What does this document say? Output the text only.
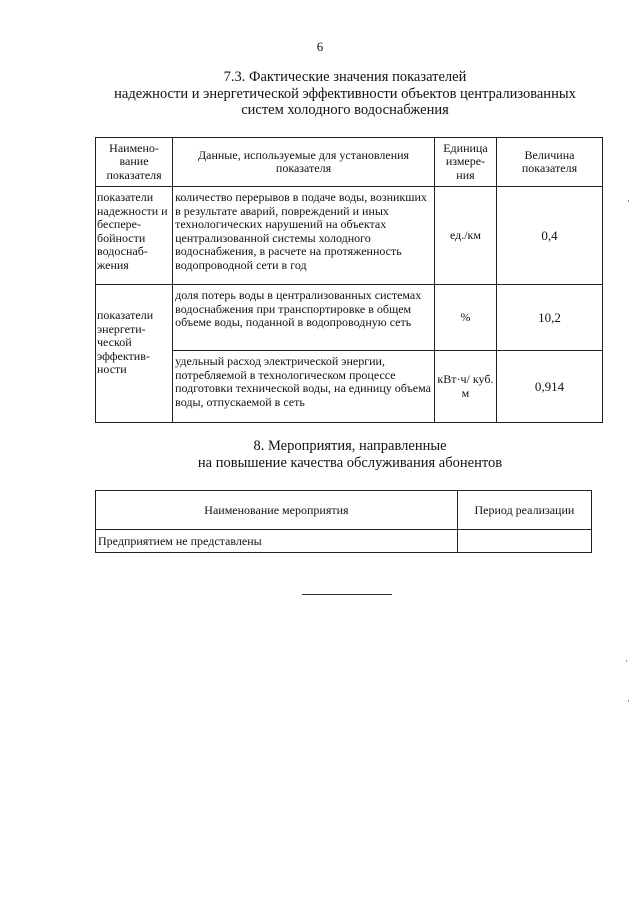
6
7.3. Фактические значения показателей
надежности и энергетической эффективности объектов централизованных
систем холодного водоснабжения
Наимено- вание показателя	Данные, используемые для установления показателя	Единица измере- ния	Величина показателя
показатели надежности и беспере- бойности водоснаб- жения	количество перерывов в подаче воды, возникших в результате аварий, повреждений и иных технологических нарушений на объектах централизованной системы холодного водоснабжения, в расчете на протяженность водопроводной сети в год	ед./км	0,4
показатели энергети- ческой эффектив- ности	доля потерь воды в централизованных системах водоснабжения при транспортировке в общем объеме воды, поданной в водопроводную сеть	%	10,2
	удельный расход электрической энергии, потребляемой в технологическом процессе подготовки технической воды, на единицу объема воды, отпускаемой в сеть	кВт·ч/ куб. м	0,914
8. Мероприятия, направленные
на повышение качества обслуживания абонентов
Наименование мероприятия	Период реализации
Предприятием не представлены	
